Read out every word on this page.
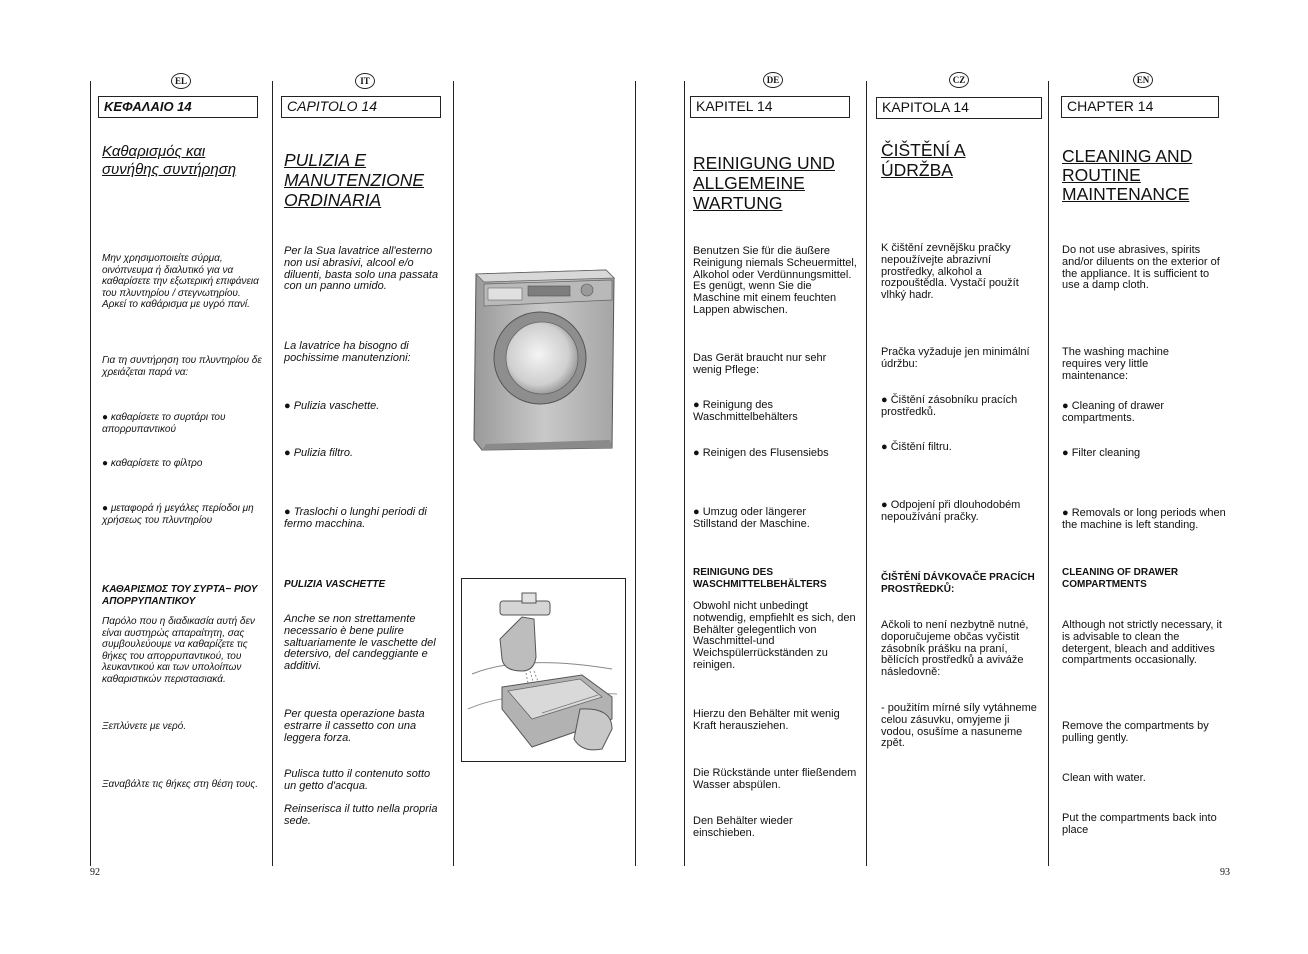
EL	IT	DE	CZ	EN
ΚΕΦΑΛΑΙΟ 14
Καθαρισμός και συνήθης συντήρηση
Μην χρησιμοποιείτε σύρμα, οινόπνευμα ή διαλυτικό για να καθαρίσετε την εξωτερική επιφάνεια του πλυντηρίου / στεγνωτηρίου. Αρκεί το καθάρισμα με υγρό πανί.
Για τη συντήρηση του πλυντηρίου δε χρειάζεται παρά να:
● καθαρίσετε το συρτάρι του απορρυπαντικού
● καθαρίσετε το φίλτρο
● μεταφορά ή μεγάλες περίοδοι μη χρήσεως του πλυντηρίου
ΚΑΘΑΡΙΣΜΟΣ ΤΟΥ ΣΥΡΤΑ− ΡΙΟΥ ΑΠΟΡΡΥΠΑΝΤΙΚΟΥ
Παρόλο που η διαδικασία αυτή δεν είναι αυστηρώς απαραίτητη, σας συμβουλεύουμε να καθαρίζετε τις θήκες του απορρυπαντικού, του λευκαντικού και των υπολοίπων καθαριστικών περιστασιακά.
Ξεπλύνετε με νερό.
Ξαναβάλτε τις θήκες στη θέση τους.
CAPITOLO 14
PULIZIA E MANUTENZIONE ORDINARIA
Per la Sua lavatrice all'esterno non usi abrasivi, alcool e/o diluenti, basta solo una passata con un panno umido.
La lavatrice ha bisogno di pochissime manutenzioni:
● Pulizia vaschette.
● Pulizia filtro.
● Traslochi o lunghi periodi di fermo macchina.
PULIZIA VASCHETTE
Anche se non strettamente necessario è bene pulire saltuariamente le vaschette del detersivo, del candeggiante e additivi.
Per questa operazione basta estrarre il cassetto con una leggera forza.
Pulisca tutto il contenuto sotto un getto d'acqua.
Reinserisca il tutto nella propria sede.
KAPITEL 14
REINIGUNG UND ALLGEMEINE WARTUNG
Benutzen Sie für die äußere Reinigung niemals Scheuermittel, Alkohol oder Verdünnungsmittel. Es genügt, wenn Sie die Maschine mit einem feuchten Lappen abwischen.
Das Gerät braucht nur sehr wenig Pflege:
● Reinigung des Waschmittelbehälters
● Reinigen des Flusensiebs
● Umzug oder längerer Stillstand der Maschine.
REINIGUNG DES WASCHMITTELBEHÄLTERS
Obwohl nicht unbedingt notwendig, empfiehlt es sich, den Behälter gelegentlich von Waschmittel-und Weichspülerrückständen zu reinigen.
Hierzu den Behälter mit wenig Kraft herausziehen.
Die Rückstände unter fließendem Wasser abspülen.
Den Behälter wieder einschieben.
KAPITOLA 14
ČIŠTĚNÍ A ÚDRŽBA
K čištění zevnějšku pračky nepoužívejte abrazivní prostředky, alkohol a rozpouštědla. Vystačí použít vlhký hadr.
Pračka vyžaduje jen minimální údržbu:
● Čištění zásobníku pracích prostředků.
● Čištění filtru.
● Odpojení při dlouhodobém nepoužívání pračky.
ČIŠTĚNÍ DÁVKOVAČE PRACÍCH PROSTŘEDKŮ:
Ačkoli to není nezbytně nutné, doporučujeme občas vyčistit zásobník prášku na praní, bělících prostředků a aviváže následovně:
- použitím mírné síly vytáhneme celou zásuvku, omyjeme ji vodou, osušíme a nasuneme zpět.
CHAPTER 14
CLEANING AND ROUTINE MAINTENANCE
Do not use abrasives, spirits and/or diluents on the exterior of the appliance. It is sufficient to use a damp cloth.
The washing machine requires very little maintenance:
● Cleaning of drawer compartments.
● Filter cleaning
● Removals or long periods when the machine is left standing.
CLEANING OF DRAWER COMPARTMENTS
Although not strictly necessary, it is advisable to clean the detergent, bleach and additives compartments occasionally.
Remove the compartments by pulling gently.
Clean with water.
Put the compartments back into place
92	93
